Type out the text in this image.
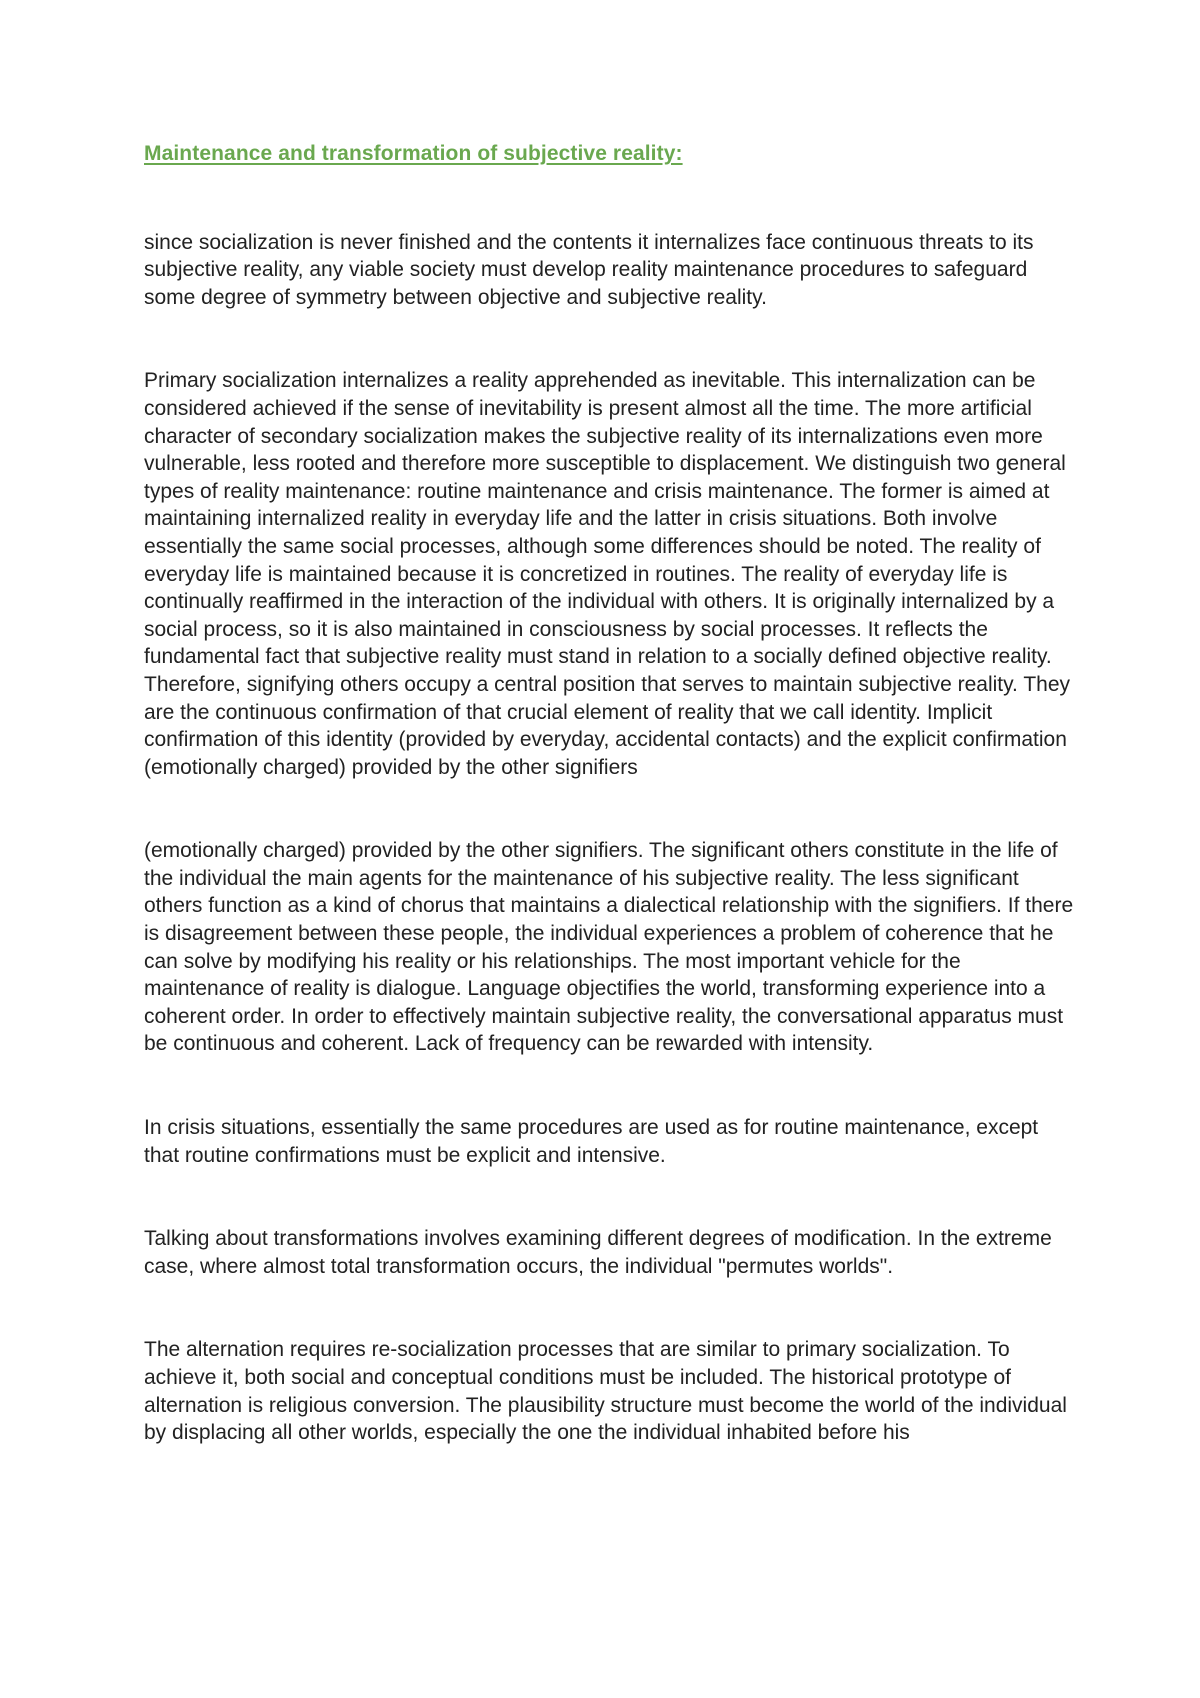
Maintenance and transformation of subjective reality:

since socialization is never finished and the contents it internalizes face continuous threats to its subjective reality, any viable society must develop reality maintenance procedures to safeguard some degree of symmetry between objective and subjective reality.

Primary socialization internalizes a reality apprehended as inevitable. This internalization can be considered achieved if the sense of inevitability is present almost all the time. The more artificial character of secondary socialization makes the subjective reality of its internalizations even more vulnerable, less rooted and therefore more susceptible to displacement. We distinguish two general types of reality maintenance: routine maintenance and crisis maintenance. The former is aimed at maintaining internalized reality in everyday life and the latter in crisis situations. Both involve essentially the same social processes, although some differences should be noted. The reality of everyday life is maintained because it is concretized in routines. The reality of everyday life is continually reaffirmed in the interaction of the individual with others. It is originally internalized by a social process, so it is also maintained in consciousness by social processes. It reflects the fundamental fact that subjective reality must stand in relation to a socially defined objective reality. Therefore, signifying others occupy a central position that serves to maintain subjective reality. They are the continuous confirmation of that crucial element of reality that we call identity. Implicit confirmation of this identity (provided by everyday, accidental contacts) and the explicit confirmation (emotionally charged) provided by the other signifiers

(emotionally charged) provided by the other signifiers. The significant others constitute in the life of the individual the main agents for the maintenance of his subjective reality. The less significant others function as a kind of chorus that maintains a dialectical relationship with the signifiers. If there is disagreement between these people, the individual experiences a problem of coherence that he can solve by modifying his reality or his relationships. The most important vehicle for the maintenance of reality is dialogue. Language objectifies the world, transforming experience into a coherent order. In order to effectively maintain subjective reality, the conversational apparatus must be continuous and coherent. Lack of frequency can be rewarded with intensity.

In crisis situations, essentially the same procedures are used as for routine maintenance, except that routine confirmations must be explicit and intensive.

Talking about transformations involves examining different degrees of modification. In the extreme case, where almost total transformation occurs, the individual "permutes worlds".

The alternation requires re-socialization processes that are similar to primary socialization. To achieve it, both social and conceptual conditions must be included. The historical prototype of alternation is religious conversion. The plausibility structure must become the world of the individual by displacing all other worlds, especially the one the individual inhabited before his
